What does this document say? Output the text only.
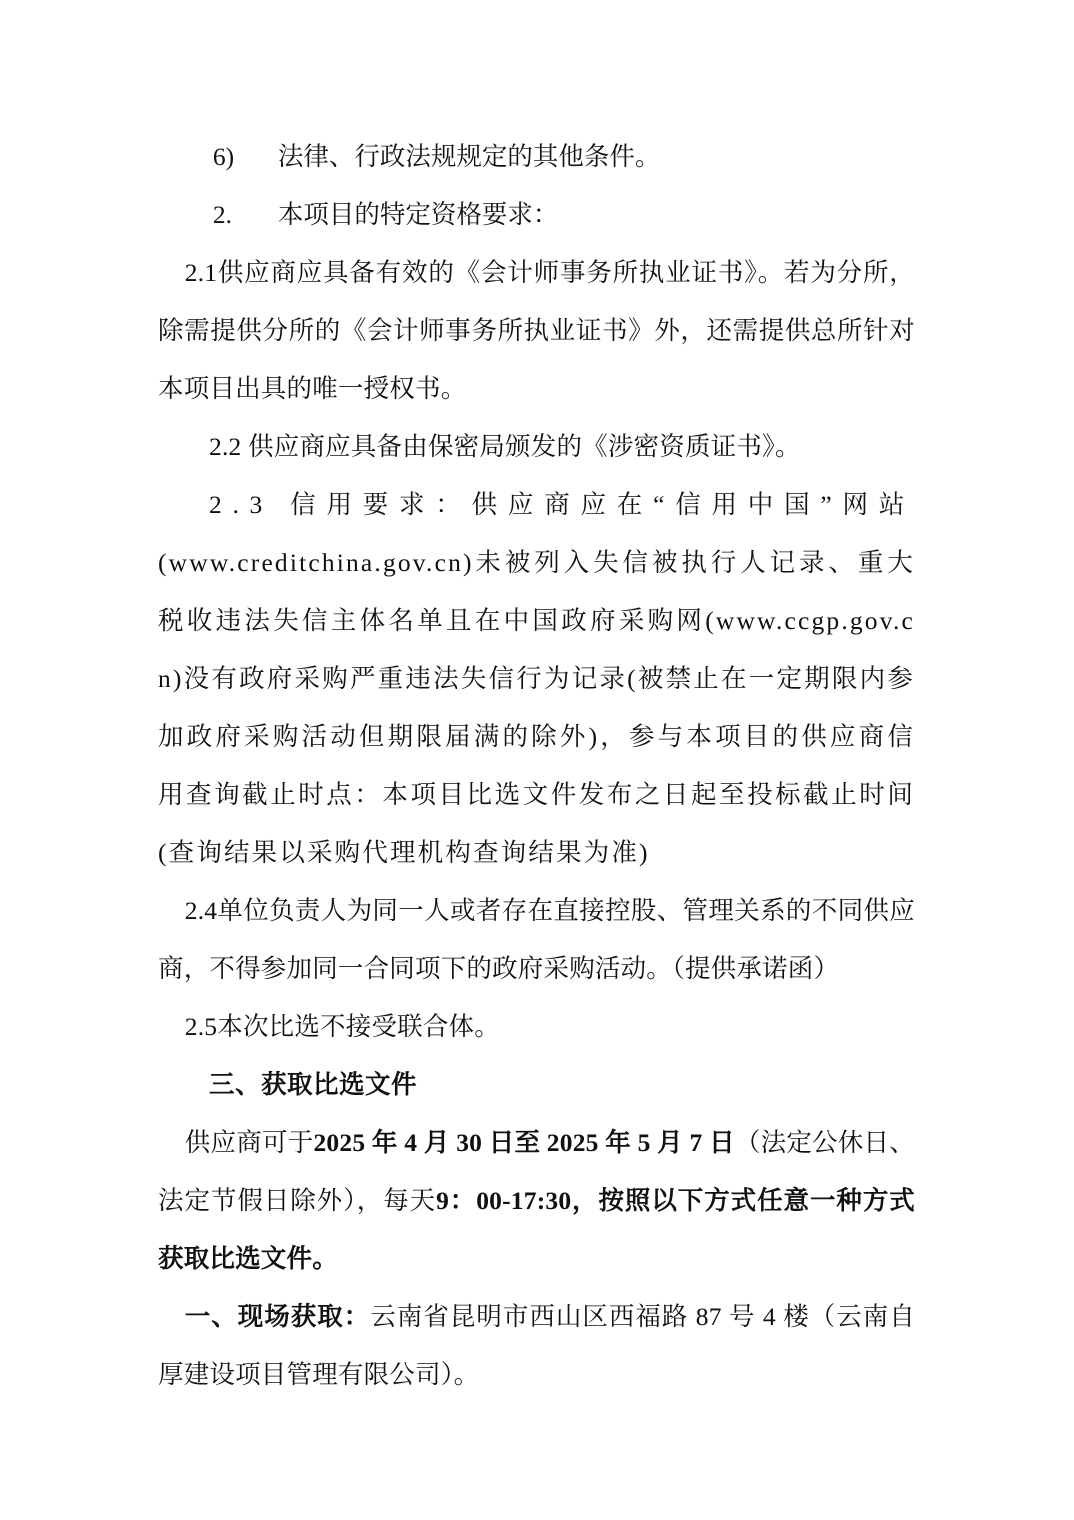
6) 法律、行政法规规定的其他条件。

2. 本项目的特定资格要求：

2.1供应商应具备有效的《会计师事务所执业证书》。若为分所，除需提供分所的《会计师事务所执业证书》外，还需提供总所针对本项目出具的唯一授权书。

2.2 供应商应具备由保密局颁发的《涉密资质证书》。

2.3 信用要求：供应商应在“信用中国”网站(www.creditchina.gov.cn)未被列入失信被执行人记录、重大税收违法失信主体名单且在中国政府采购网(www.ccgp.gov.cn)没有政府采购严重违法失信行为记录(被禁止在一定期限内参加政府采购活动但期限届满的除外)，参与本项目的供应商信用查询截止时点：本项目比选文件发布之日起至投标截止时间(查询结果以采购代理机构查询结果为准)

2.4单位负责人为同一人或者存在直接控股、管理关系的不同供应商，不得参加同一合同项下的政府采购活动。（提供承诺函）

2.5本次比选不接受联合体。

三、获取比选文件

供应商可于2025 年 4 月 30 日至 2025 年 5 月 7 日（法定公休日、法定节假日除外），每天9：00-17:30，按照以下方式任意一种方式获取比选文件。

一、现场获取：云南省昆明市西山区西福路 87 号 4 楼（云南自厚建设项目管理有限公司）。
